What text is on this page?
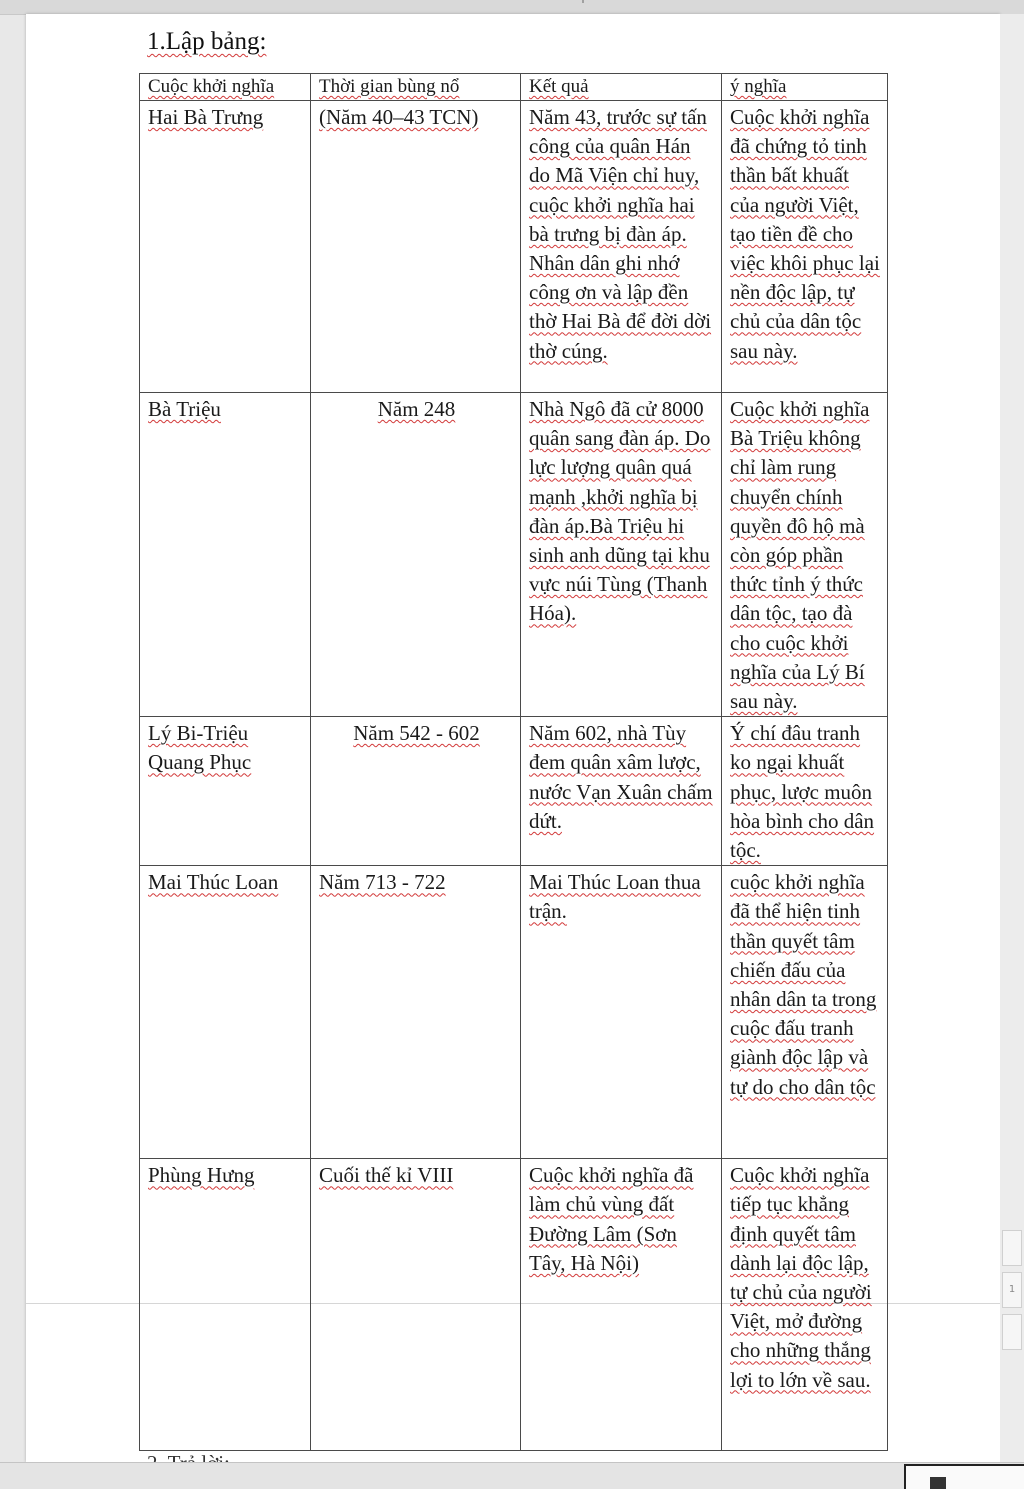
1
1.Lập bảng:
Cuộc khởi nghĩa	Thời gian bùng nổ	Kết quả	ý nghĩa
Hai Bà Trưng	(Năm 40–43 TCN)	Năm 43, trước sự tấn công của quân Hán do Mã Viện chỉ huy, cuộc khởi nghĩa hai bà trưng bị đàn áp. Nhân dân ghi nhớ công ơn và lập đền thờ Hai Bà để đời dời thờ cúng.	Cuộc khởi nghĩa đã chứng tỏ tinh thần bất khuất của người Việt, tạo tiền đề cho việc khôi phục lại nền độc lập, tự chủ của dân tộc sau này.
Bà Triệu	Năm 248	Nhà Ngô đã cử 8000 quân sang đàn áp. Do lực lượng quân quá mạnh ,khởi nghĩa bị đàn áp.Bà Triệu hi sinh anh dũng tại khu vực núi Tùng (Thanh Hóa).	Cuộc khởi nghĩa Bà Triệu không chỉ làm rung chuyển chính quyền đô hộ mà còn góp phần thức tỉnh ý thức dân tộc, tạo đà cho cuộc khởi nghĩa của Lý Bí sau này.
Lý Bi-Triệu Quang Phục	Năm 542 - 602	Năm 602, nhà Tùy đem quân xâm lược, nước Vạn Xuân chấm dứt.	Ý chí đâu tranh ko ngại khuất phục, lược muôn hòa bình cho dân tộc.
Mai Thúc Loan	Năm 713 - 722	Mai Thúc Loan thua trận.	cuộc khởi nghĩa đã thể hiện tinh thần quyết tâm chiến đấu của nhân dân ta trong cuộc đấu tranh giành độc lập và tự do cho dân tộc
Phùng Hưng	Cuối thế kỉ VIII	Cuộc khởi nghĩa đã làm chủ vùng đất Đường Lâm (Sơn Tây, Hà Nội)	Cuộc khởi nghĩa tiếp tục khẳng định quyết tâm dành lại độc lập, tự chủ của người Việt, mở đường cho những thắng lợi to lớn về sau.
